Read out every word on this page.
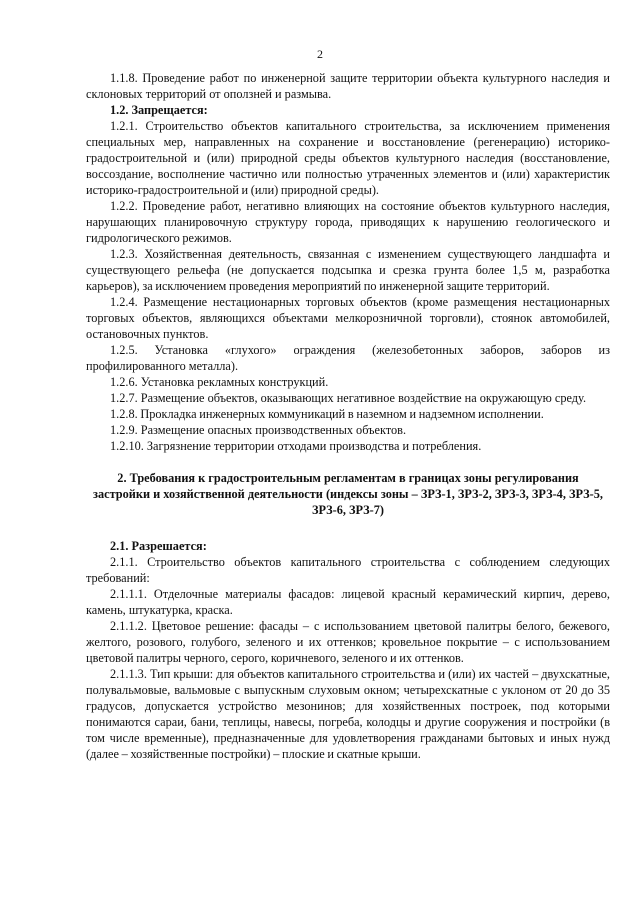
2

1.1.8. Проведение работ по инженерной защите территории объекта культурного наследия и склоновых территорий от оползней и размыва.

1.2. Запрещается:

1.2.1. Строительство объектов капитального строительства, за исключением применения специальных мер, направленных на сохранение и восстановление (регенерацию) историко-градостроительной и (или) природной среды объектов культурного наследия (восстановление, воссоздание, восполнение частично или полностью утраченных элементов и (или) характеристик историко-градостроительной и (или) природной среды).

1.2.2. Проведение работ, негативно влияющих на состояние объектов культурного наследия, нарушающих планировочную структуру города, приводящих к нарушению геологического и гидрологического режимов.

1.2.3. Хозяйственная деятельность, связанная с изменением существующего ландшафта и существующего рельефа (не допускается подсыпка и срезка грунта более 1,5 м, разработка карьеров), за исключением проведения мероприятий по инженерной защите территорий.

1.2.4. Размещение нестационарных торговых объектов (кроме размещения нестационарных торговых объектов, являющихся объектами мелкорозничной торговли), стоянок автомобилей, остановочных пунктов.

1.2.5. Установка «глухого» ограждения (железобетонных заборов, заборов из профилированного металла).

1.2.6. Установка рекламных конструкций.

1.2.7. Размещение объектов, оказывающих негативное воздействие на окружающую среду.

1.2.8. Прокладка инженерных коммуникаций в наземном и надземном исполнении.

1.2.9. Размещение опасных производственных объектов.

1.2.10. Загрязнение территории отходами производства и потребления.

2. Требования к градостроительным регламентам в границах зоны регулирования застройки и хозяйственной деятельности (индексы зоны – ЗРЗ-1, ЗРЗ-2, ЗРЗ-3, ЗРЗ-4, ЗРЗ-5, ЗРЗ-6, ЗРЗ-7)

2.1. Разрешается:

2.1.1. Строительство объектов капитального строительства с соблюдением следующих требований:

2.1.1.1. Отделочные материалы фасадов: лицевой красный керамический кирпич, дерево, камень, штукатурка, краска.

2.1.1.2. Цветовое решение: фасады – с использованием цветовой палитры белого, бежевого, желтого, розового, голубого, зеленого и их оттенков; кровельное покрытие – с использованием цветовой палитры черного, серого, коричневого, зеленого и их оттенков.

2.1.1.3. Тип крыши: для объектов капитального строительства и (или) их частей – двухскатные, полувальмовые, вальмовые с выпускным слуховым окном; четырехскатные с уклоном от 20 до 35 градусов, допускается устройство мезонинов; для хозяйственных построек, под которыми понимаются сараи, бани, теплицы, навесы, погреба, колодцы и другие сооружения и постройки (в том числе временные), предназначенные для удовлетворения гражданами бытовых и иных нужд (далее – хозяйственные постройки) – плоские и скатные крыши.
